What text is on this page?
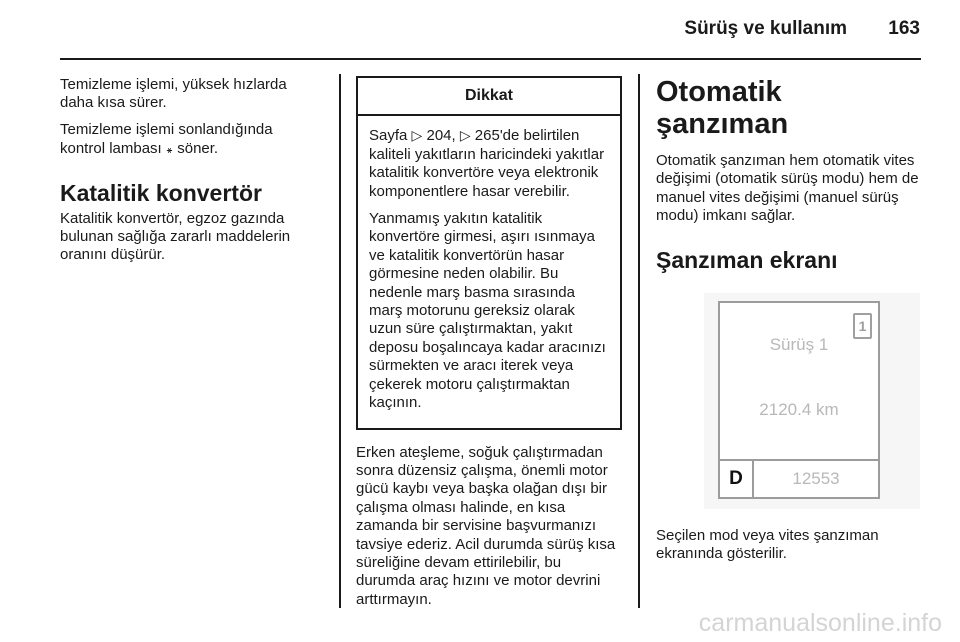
Sürüş ve kullanım 163

Temizleme işlemi, yüksek hızlarda daha kısa sürer.

Temizleme işlemi sonlandığında kontrol lambası ꘎ söner.

Katalitik konvertör

Katalitik konvertör, egzoz gazında bulunan sağlığa zararlı maddelerin oranını düşürür.

Dikkat

Sayfa ▷ 204, ▷ 265'de belirtilen kaliteli yakıtların haricindeki yakıtlar katalitik konvertöre veya elektronik komponentlere hasar verebilir.

Yanmamış yakıtın katalitik konvertöre girmesi, aşırı ısınmaya ve katalitik konvertörün hasar görmesine neden olabilir. Bu nedenle marş basma sırasında marş motorunu gereksiz olarak uzun süre çalıştırmaktan, yakıt deposu boşalıncaya kadar aracınızı sürmekten ve aracı iterek veya çekerek motoru çalıştırmaktan kaçının.

Erken ateşleme, soğuk çalıştırmadan sonra düzensiz çalışma, önemli motor gücü kaybı veya başka olağan dışı bir çalışma olması halinde, en kısa zamanda bir servisine başvurmanızı tavsiye ederiz. Acil durumda sürüş kısa süreliğine devam ettirilebilir, bu durumda araç hızını ve motor devrini arttırmayın.

Otomatik şanzıman

Otomatik şanzıman hem otomatik vites değişimi (otomatik sürüş modu) hem de manuel vites değişimi (manuel sürüş modu) imkanı sağlar.

Şanzıman ekranı
1
Sürüş 1
2120.4 km
D	12553

Seçilen mod veya vites şanzıman ekranında gösterilir.

carmanualsonline.info
